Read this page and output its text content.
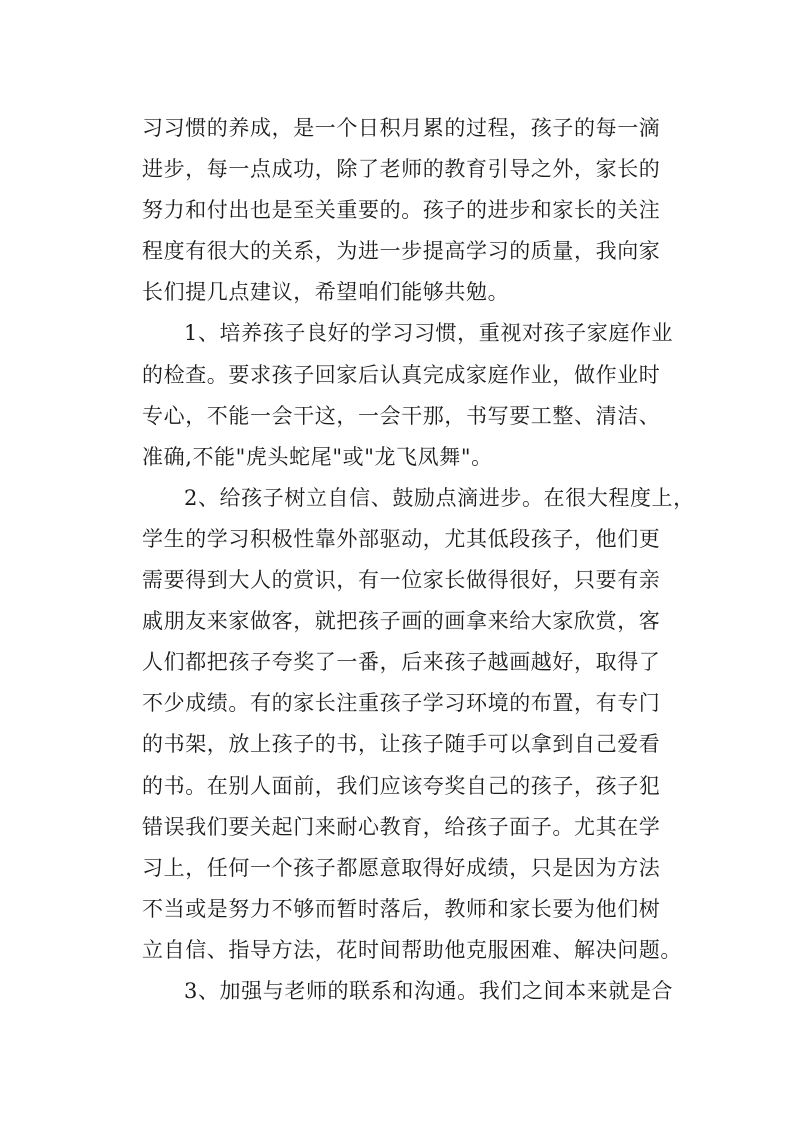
习习惯的养成，是一个日积月累的过程，孩子的每一滴
进步，每一点成功，除了老师的教育引导之外，家长的
努力和付出也是至关重要的。孩子的进步和家长的关注
程度有很大的关系，为进一步提高学习的质量，我向家
长们提几点建议，希望咱们能够共勉。
1、培养孩子良好的学习习惯，重视对孩子家庭作业
的检查。要求孩子回家后认真完成家庭作业，做作业时
专心，不能一会干这，一会干那，书写要工整、清洁、
准确,不能"虎头蛇尾"或"龙飞凤舞"。
2、给孩子树立自信、鼓励点滴进步。在很大程度上，
学生的学习积极性靠外部驱动，尤其低段孩子，他们更
需要得到大人的赏识，有一位家长做得很好，只要有亲
戚朋友来家做客，就把孩子画的画拿来给大家欣赏，客
人们都把孩子夸奖了一番，后来孩子越画越好，取得了
不少成绩。有的家长注重孩子学习环境的布置，有专门
的书架，放上孩子的书，让孩子随手可以拿到自己爱看
的书。在别人面前，我们应该夸奖自己的孩子，孩子犯
错误我们要关起门来耐心教育，给孩子面子。尤其在学
习上，任何一个孩子都愿意取得好成绩，只是因为方法
不当或是努力不够而暂时落后，教师和家长要为他们树
立自信、指导方法，花时间帮助他克服困难、解决问题。
3、加强与老师的联系和沟通。我们之间本来就是合
